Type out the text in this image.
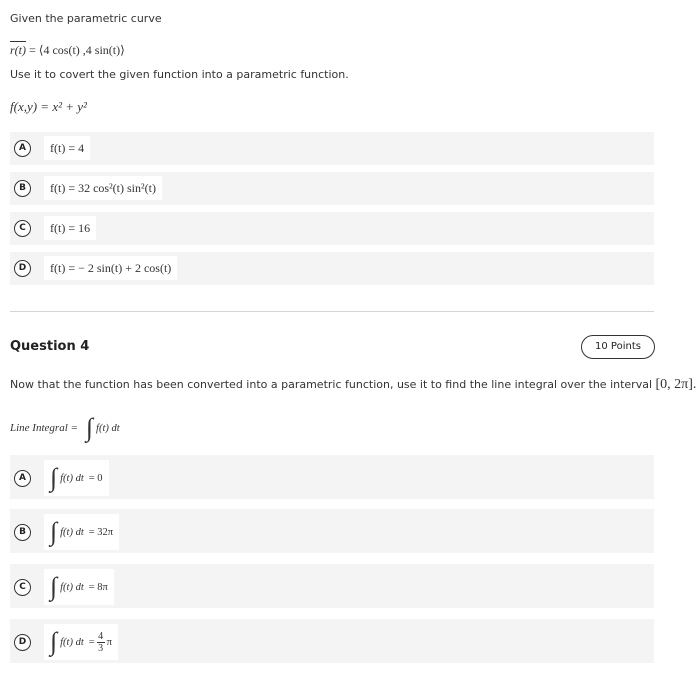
Given the parametric curve
r(t) = ⟨4 cos(t) ,4 sin(t)⟩
Use it to covert the given function into a parametric function.
f(x,y) = x² + y²
A	f(t) = 4
B	f(t) = 32 cos²(t) sin²(t)
C	f(t) = 16
D	f(t) = − 2 sin(t) + 2 cos(t)
Question 4	10 Points
Now that the function has been converted into a parametric function, use it to find the line integral over the interval [0, 2π].
Line Integral = ∫ f(t) dt
A ∫ f(t) dt = 0
B ∫ f(t) dt = 32π
C ∫ f(t) dt = 8π
D ∫ f(t) dt = $\frac{4}{3}$ π
